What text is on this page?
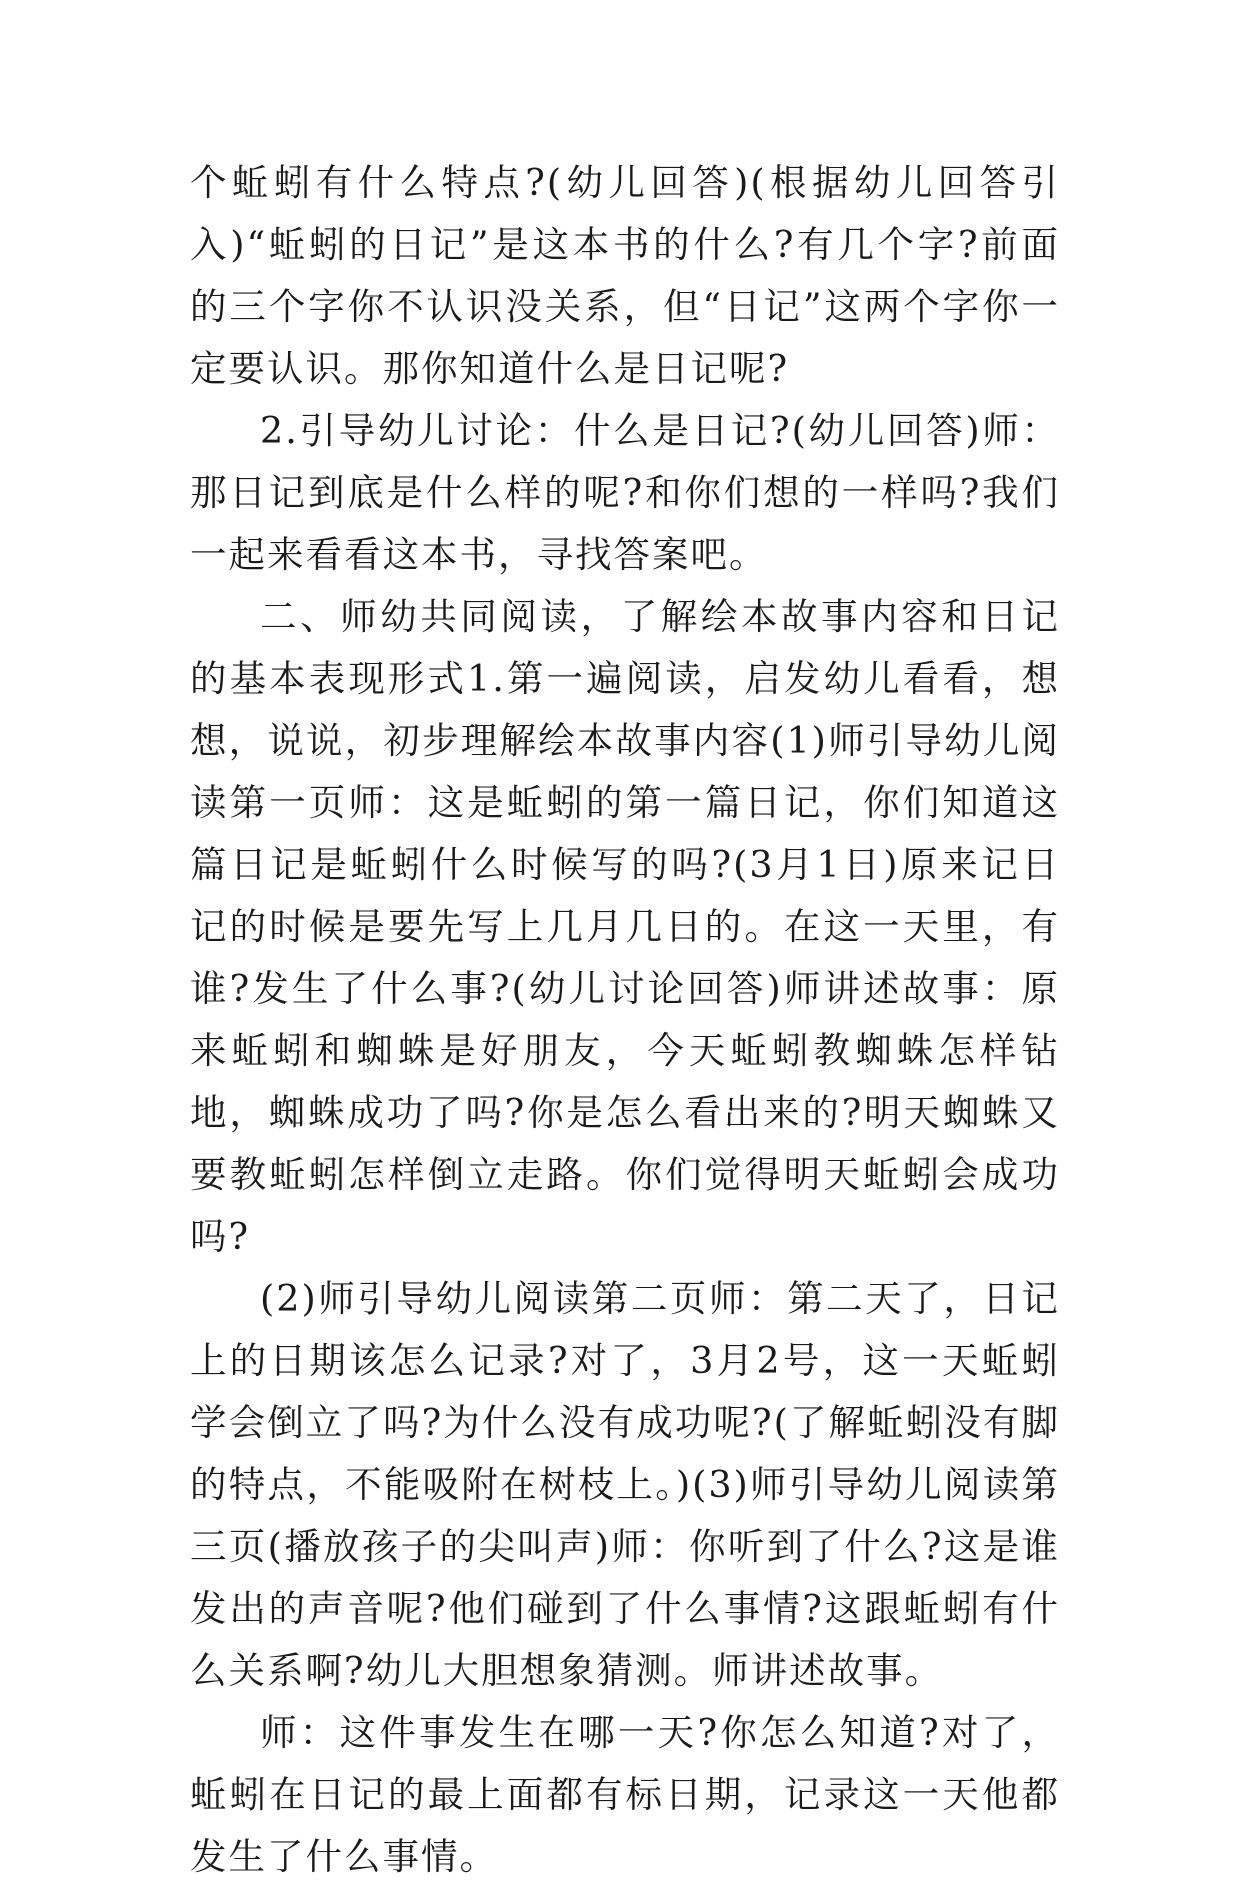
个蚯蚓有什么特点?(幼儿回答)(根据幼儿回答引入)“蚯蚓的日记”是这本书的什么?有几个字?前面的三个字你不认识没关系，但“日记”这两个字你一定要认识。那你知道什么是日记呢?

2.引导幼儿讨论：什么是日记?(幼儿回答)师：那日记到底是什么样的呢?和你们想的一样吗?我们一起来看看这本书，寻找答案吧。

二、师幼共同阅读，了解绘本故事内容和日记的基本表现形式1.第一遍阅读，启发幼儿看看，想想，说说，初步理解绘本故事内容(1)师引导幼儿阅读第一页师：这是蚯蚓的第一篇日记，你们知道这篇日记是蚯蚓什么时候写的吗?(3月1日)原来记日记的时候是要先写上几月几日的。在这一天里，有谁?发生了什么事?(幼儿讨论回答)师讲述故事：原来蚯蚓和蜘蛛是好朋友，今天蚯蚓教蜘蛛怎样钻地，蜘蛛成功了吗?你是怎么看出来的?明天蜘蛛又要教蚯蚓怎样倒立走路。你们觉得明天蚯蚓会成功吗?

(2)师引导幼儿阅读第二页师：第二天了，日记上的日期该怎么记录?对了，3月2号，这一天蚯蚓学会倒立了吗?为什么没有成功呢?(了解蚯蚓没有脚的特点，不能吸附在树枝上。)(3)师引导幼儿阅读第三页(播放孩子的尖叫声)师：你听到了什么?这是谁发出的声音呢?他们碰到了什么事情?这跟蚯蚓有什么关系啊?幼儿大胆想象猜测。师讲述故事。

师：这件事发生在哪一天?你怎么知道?对了，蚯蚓在日记的最上面都有标日期，记录这一天他都发生了什么事情。
